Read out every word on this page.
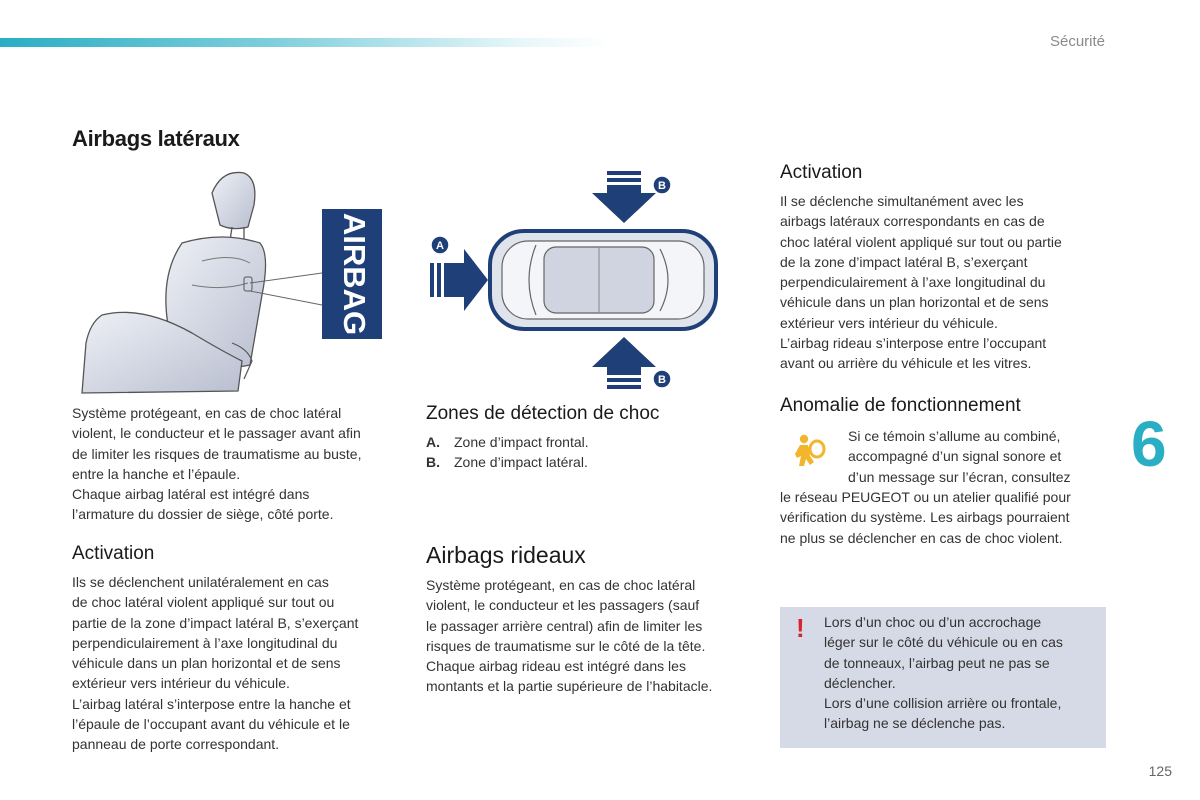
Sécurité
Airbags latéraux
AIRBAG
B
A
B

Système protégeant, en cas de choc latéral

violent, le conducteur et le passager avant afin

de limiter les risques de traumatisme au buste,

entre la hanche et l’épaule.

Chaque airbag latéral est intégré dans

l’armature du dossier de siège, côté porte.

Activation

Ils se déclenchent unilatéralement en cas

de choc latéral violent appliqué sur tout ou

partie de la zone d’impact latéral B, s’exerçant

perpendiculairement à l’axe longitudinal du

véhicule dans un plan horizontal et de sens

extérieur vers intérieur du véhicule.

L’airbag latéral s’interpose entre la hanche et

l’épaule de l’occupant avant du véhicule et le

panneau de porte correspondant.

Zones de détection de choc
A. Zone d’impact frontal.
B. Zone d’impact latéral.
Airbags rideaux

Système protégeant, en cas de choc latéral

violent, le conducteur et les passagers (sauf

le passager arrière central) afin de limiter les

risques de traumatisme sur le côté de la tête.

Chaque airbag rideau est intégré dans les

montants et la partie supérieure de l’habitacle.

Activation

Il se déclenche simultanément avec les

airbags latéraux correspondants en cas de

choc latéral violent appliqué sur tout ou partie

de la zone d’impact latéral B, s’exerçant

perpendiculairement à l’axe longitudinal du

véhicule dans un plan horizontal et de sens

extérieur vers intérieur du véhicule.

L’airbag rideau s’interpose entre l’occupant

avant ou arrière du véhicule et les vitres.

Anomalie de fonctionnement

Si ce témoin s’allume au combiné,

accompagné d’un signal sonore et

d’un message sur l’écran, consultez

le réseau PEUGEOT ou un atelier qualifié pour

vérification du système. Les airbags pourraient

ne plus se déclencher en cas de choc violent.

! Lors d’un choc ou d’un accrochage

léger sur le côté du véhicule ou en cas

de tonneaux, l’airbag peut ne pas se

déclencher.

Lors d’une collision arrière ou frontale,

l’airbag ne se déclenche pas.

6
125
